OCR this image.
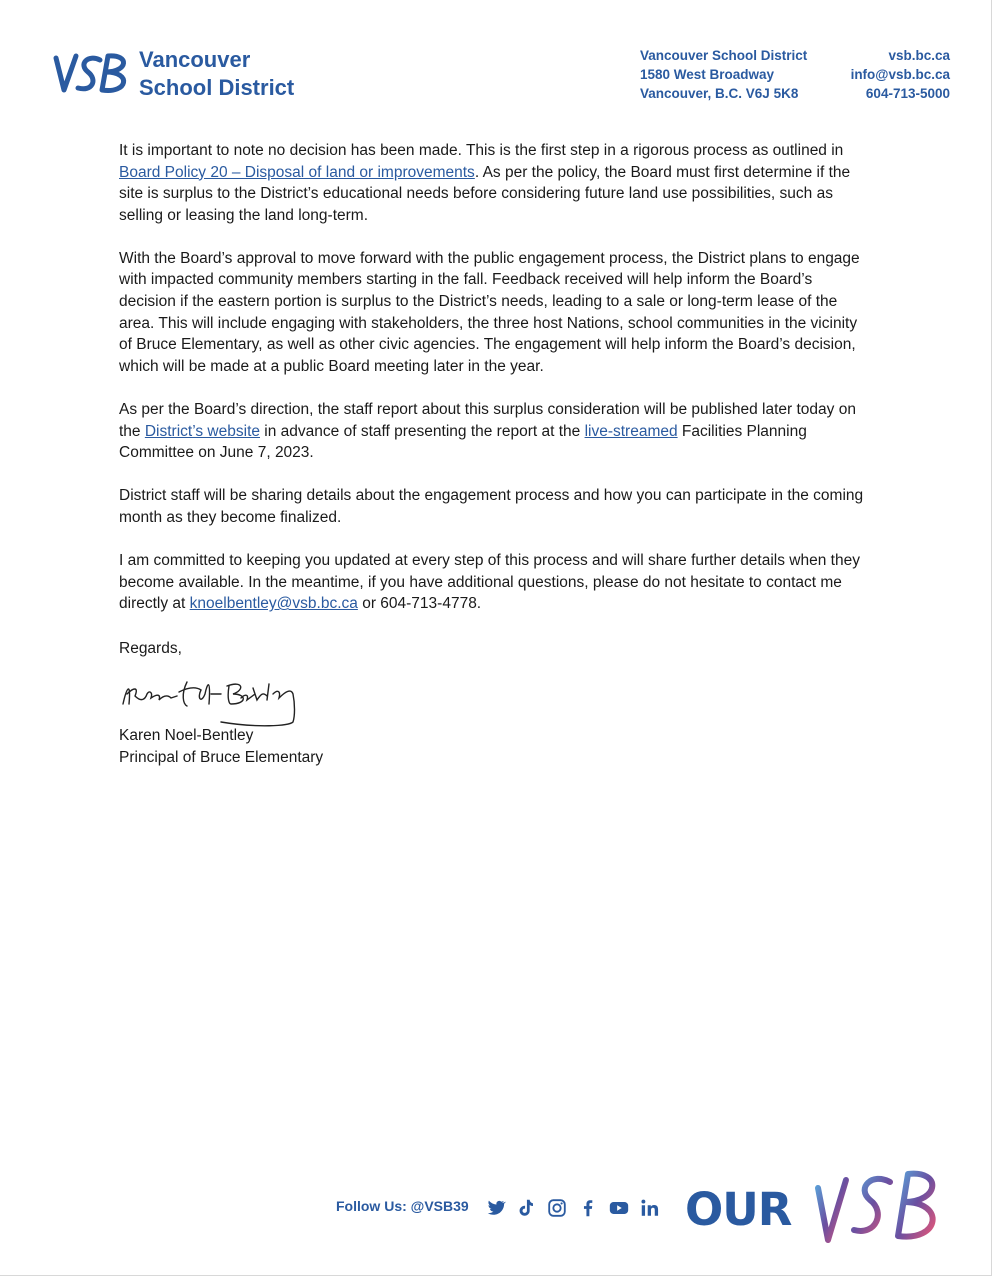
Vancouver
School District
Vancouver School District
1580 West Broadway
Vancouver, B.C. V6J 5K8
vsb.bc.ca
info@vsb.bc.ca
604-713-5000

It is important to note no decision has been made. This is the first step in a rigorous process as outlined in Board Policy 20 – Disposal of land or improvements. As per the policy, the Board must first determine if the site is surplus to the District’s educational needs before considering future land use possibilities, such as selling or leasing the land long-term.

With the Board’s approval to move forward with the public engagement process, the District plans to engage with impacted community members starting in the fall. Feedback received will help inform the Board’s decision if the eastern portion is surplus to the District’s needs, leading to a sale or long-term lease of the area. This will include engaging with stakeholders, the three host Nations, school communities in the vicinity of Bruce Elementary, as well as other civic agencies. The engagement will help inform the Board’s decision, which will be made at a public Board meeting later in the year.

As per the Board’s direction, the staff report about this surplus consideration will be published later today on the District’s website in advance of staff presenting the report at the live-streamed Facilities Planning Committee on June 7, 2023.

District staff will be sharing details about the engagement process and how you can participate in the coming month as they become finalized.

I am committed to keeping you updated at every step of this process and will share further details when they become available. In the meantime, if you have additional questions, please do not hesitate to contact me directly at knoelbentley@vsb.bc.ca or 604-713-4778.

Regards,
Karen Noel-Bentley
Principal of Bruce Elementary
Follow Us: @VSB39	OUR
